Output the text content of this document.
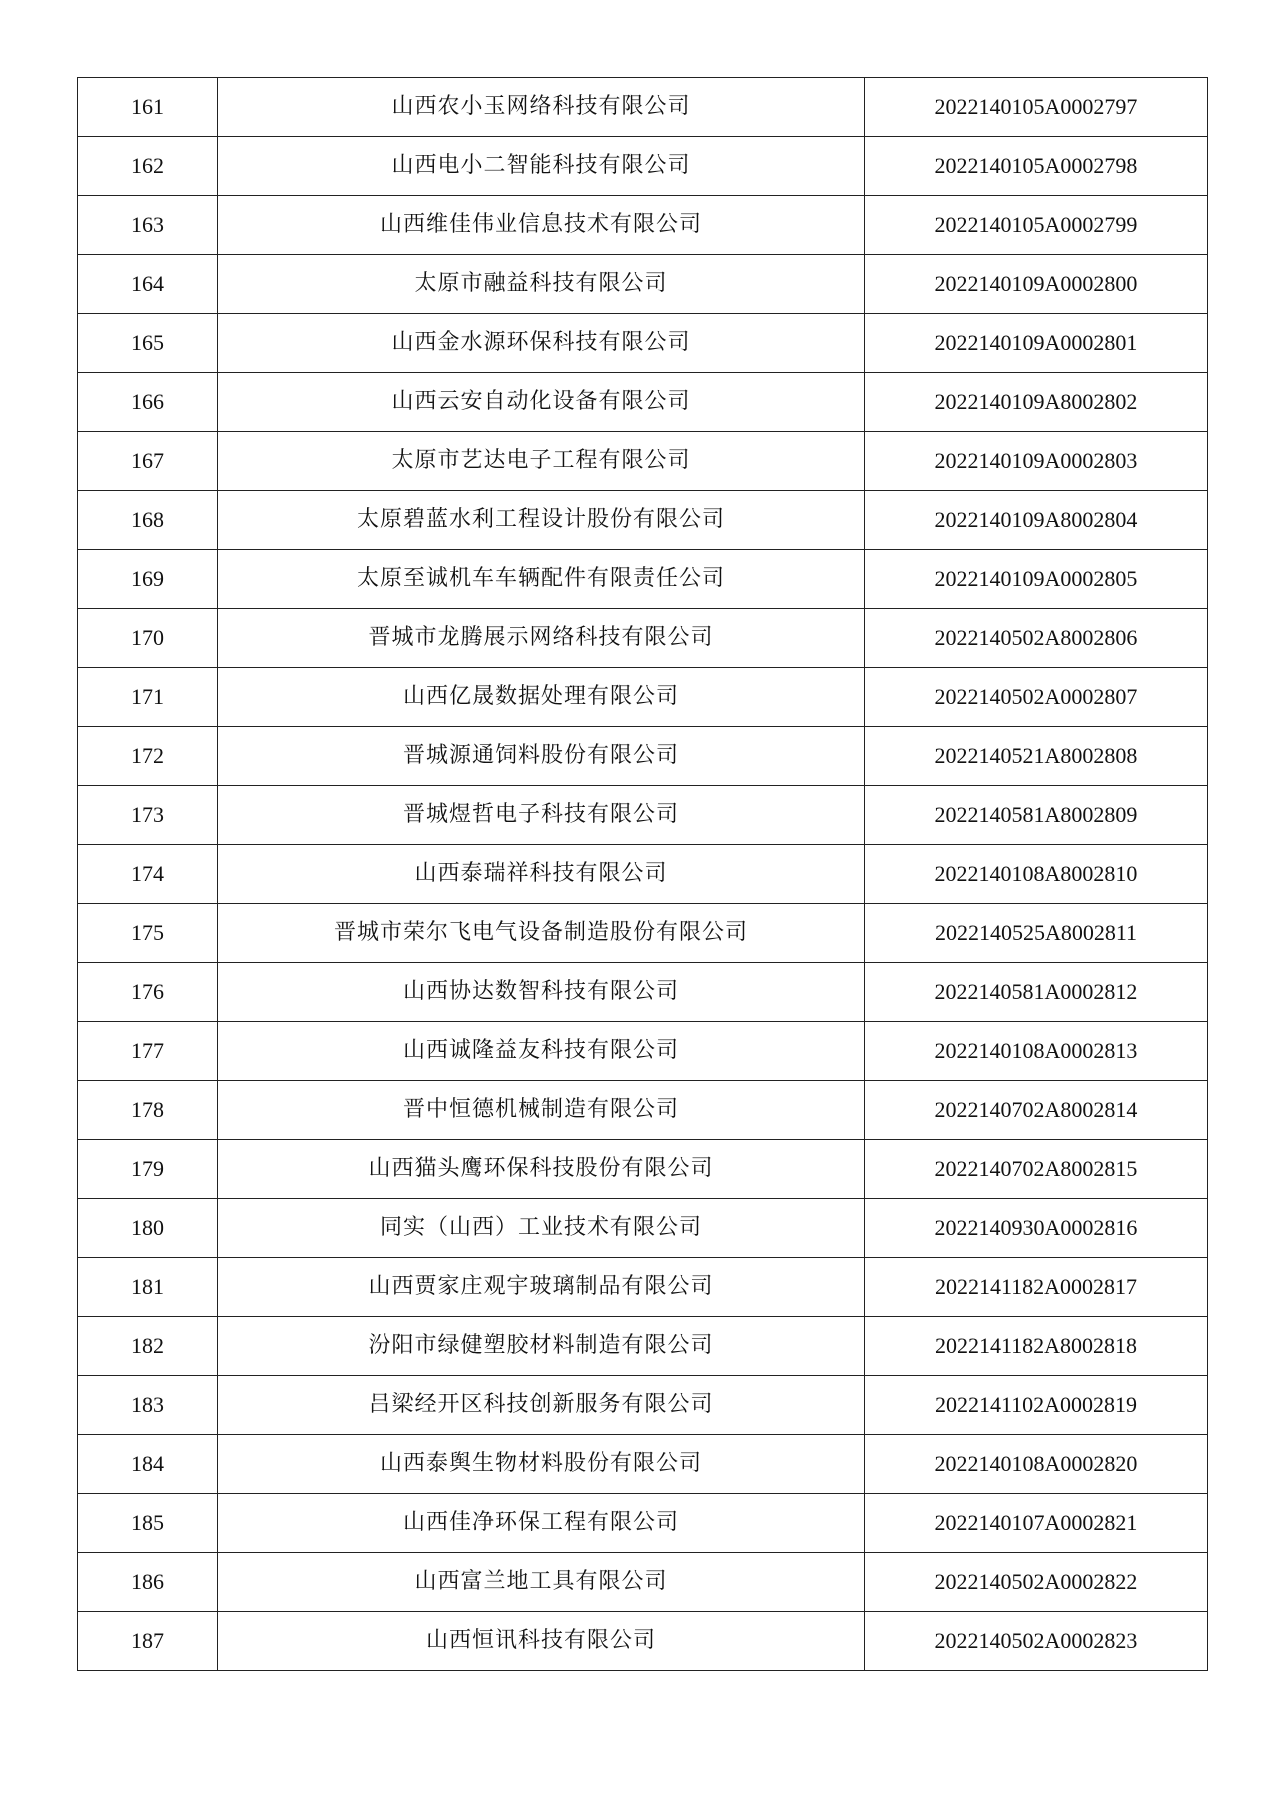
161	山西农小玉网络科技有限公司	2022140105A0002797
162	山西电小二智能科技有限公司	2022140105A0002798
163	山西维佳伟业信息技术有限公司	2022140105A0002799
164	太原市融益科技有限公司	2022140109A0002800
165	山西金水源环保科技有限公司	2022140109A0002801
166	山西云安自动化设备有限公司	2022140109A8002802
167	太原市艺达电子工程有限公司	2022140109A0002803
168	太原碧蓝水利工程设计股份有限公司	2022140109A8002804
169	太原至诚机车车辆配件有限责任公司	2022140109A0002805
170	晋城市龙腾展示网络科技有限公司	2022140502A8002806
171	山西亿晟数据处理有限公司	2022140502A0002807
172	晋城源通饲料股份有限公司	2022140521A8002808
173	晋城煜哲电子科技有限公司	2022140581A8002809
174	山西泰瑞祥科技有限公司	2022140108A8002810
175	晋城市荣尔飞电气设备制造股份有限公司	2022140525A8002811
176	山西协达数智科技有限公司	2022140581A0002812
177	山西诚隆益友科技有限公司	2022140108A0002813
178	晋中恒德机械制造有限公司	2022140702A8002814
179	山西猫头鹰环保科技股份有限公司	2022140702A8002815
180	同实（山西）工业技术有限公司	2022140930A0002816
181	山西贾家庄观宇玻璃制品有限公司	2022141182A0002817
182	汾阳市绿健塑胶材料制造有限公司	2022141182A8002818
183	吕梁经开区科技创新服务有限公司	2022141102A0002819
184	山西泰舆生物材料股份有限公司	2022140108A0002820
185	山西佳净环保工程有限公司	2022140107A0002821
186	山西富兰地工具有限公司	2022140502A0002822
187	山西恒讯科技有限公司	2022140502A0002823
